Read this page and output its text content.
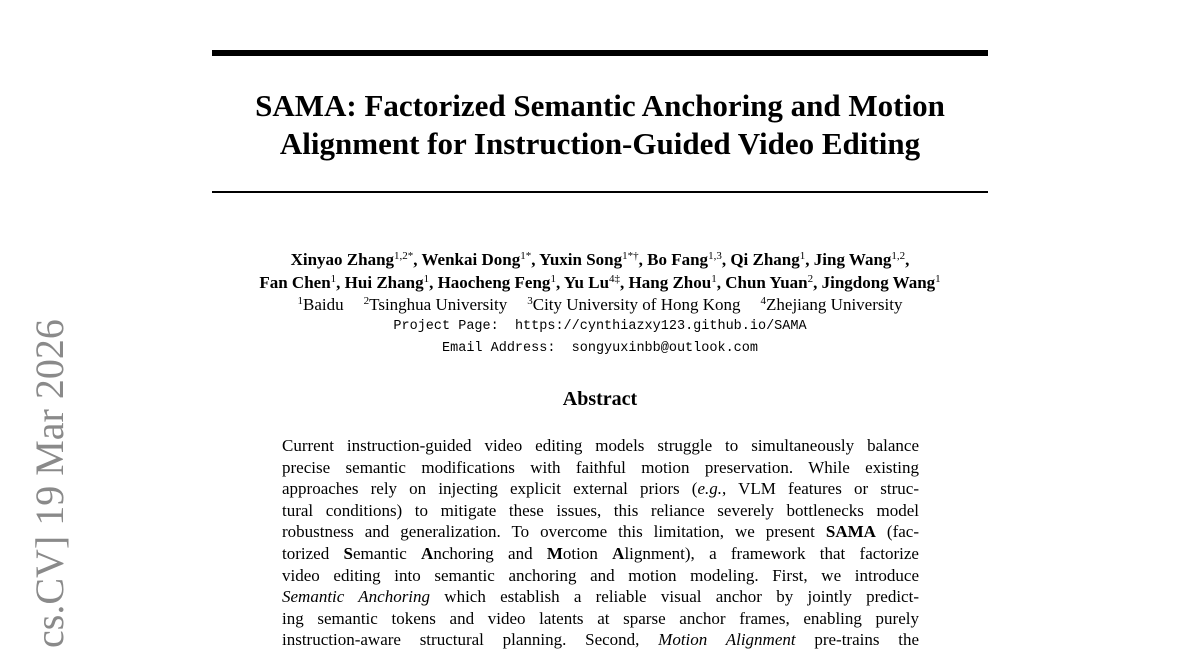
SAMA: Factorized Semantic Anchoring and Motion
Alignment for Instruction-Guided Video Editing
Xinyao Zhang$^{1,2*}$, Wenkai Dong$^{1*}$, Yuxin Song$^{1*\dagger}$, Bo Fang$^{1,3}$, Qi Zhang$^1$, Jing Wang$^{1,2}$,
Fan Chen$^1$, Hui Zhang$^1$, Haocheng Feng$^1$, Yu $Lu^{4\ddagger}$, Hang Zhou$^1$, Chun Yuan$^2$, Jingdong Wang$^1$
$^1$Baidu $^2$Tsinghua University $^3$City University of Hong Kong $^4$Zhejiang University
Project Page: https://cynthiazxy123.github.io/SAMA
Email Address: songyuxinbb@outlook.com
Abstract
Current instruction-guided video editing models struggle to simultaneously balance
precise semantic modifications with faithful motion preservation. While existing
approaches rely on injecting explicit external priors (e.g., VLM features or struc-
tural conditions) to mitigate these issues, this reliance severely bottlenecks model
robustness and generalization. To overcome this limitation, we present SAMA (fac-
torized Semantic Anchoring and Motion Alignment), a framework that factorize
video editing into semantic anchoring and motion modeling. First, we introduce
Semantic Anchoring which establish a reliable visual anchor by jointly predict-
ing semantic tokens and video latents at sparse anchor frames, enabling purely
instruction-aware structural planning. Second, Motion Alignment pre-trains the
cs.CV] 19 Mar 2026
